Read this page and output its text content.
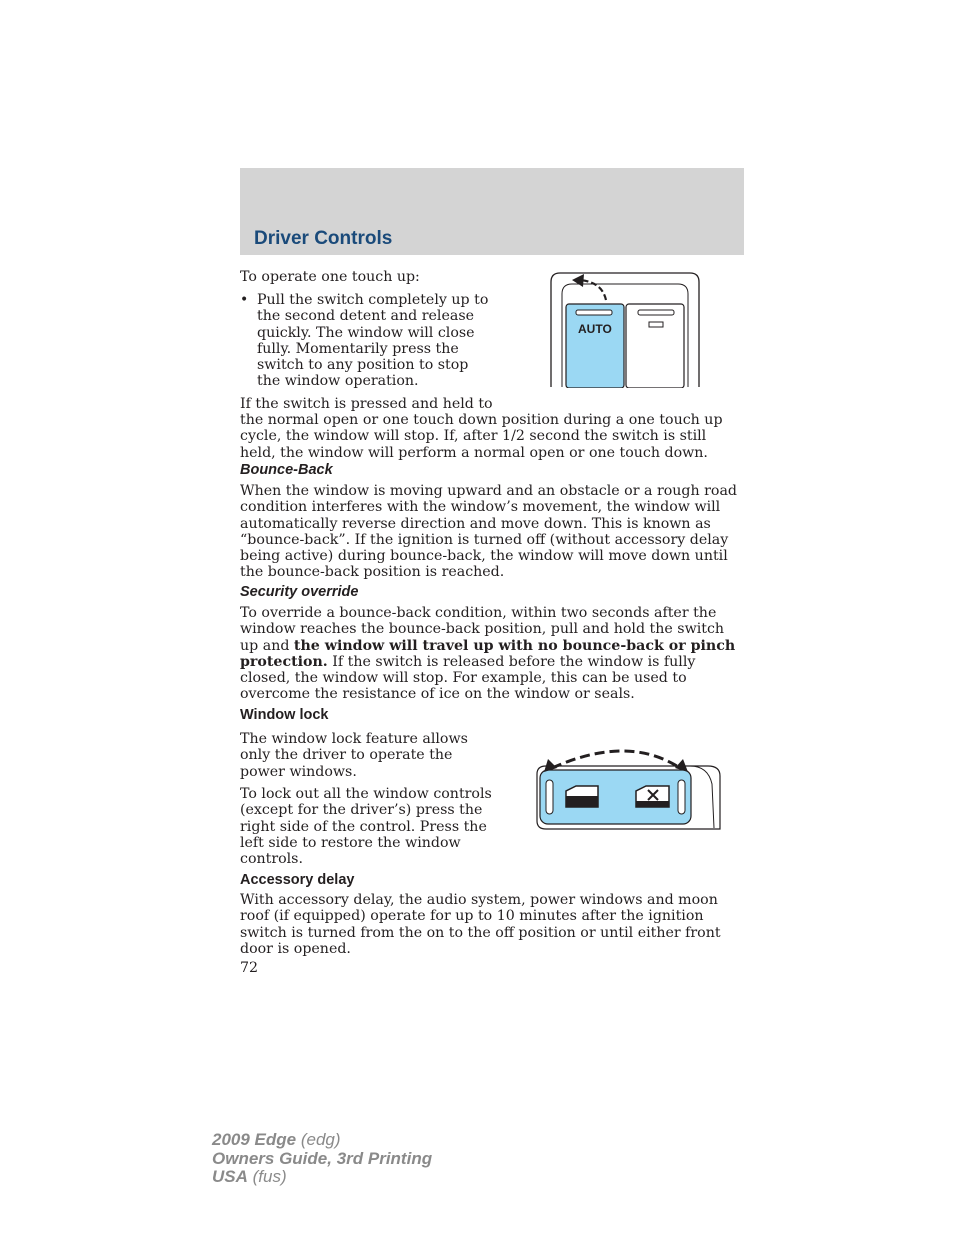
Driver Controls

To operate one touch up:

• Pull the switch completely up to the second detent and release quickly. The window will close fully. Momentarily press the switch to any position to stop the window operation.

If the switch is pressed and held to

the normal open or one touch down position during a one touch up cycle, the window will stop. If, after 1/2 second the switch is still held, the window will perform a normal open or one touch down.

AUTO
Bounce-Back

When the window is moving upward and an obstacle or a rough road condition interferes with the window’s movement, the window will automatically reverse direction and move down. This is known as “bounce-back”. If the ignition is turned off (without accessory delay being active) during bounce-back, the window will move down until the bounce-back position is reached.

Security override

To override a bounce-back condition, within two seconds after the window reaches the bounce-back position, pull and hold the switch up and the window will travel up with no bounce-back or pinch protection. If the switch is released before the window is fully closed, the window will stop. For example, this can be used to overcome the resistance of ice on the window or seals.

Window lock

The window lock feature allows only the driver to operate the power windows.

To lock out all the window controls (except for the driver’s) press the right side of the control. Press the left side to restore the window controls.

Accessory delay

With accessory delay, the audio system, power windows and moon roof (if equipped) operate for up to 10 minutes after the ignition switch is turned from the on to the off position or until either front door is opened.

72
2009 Edge (edg)
Owners Guide, 3rd Printing
USA (fus)
